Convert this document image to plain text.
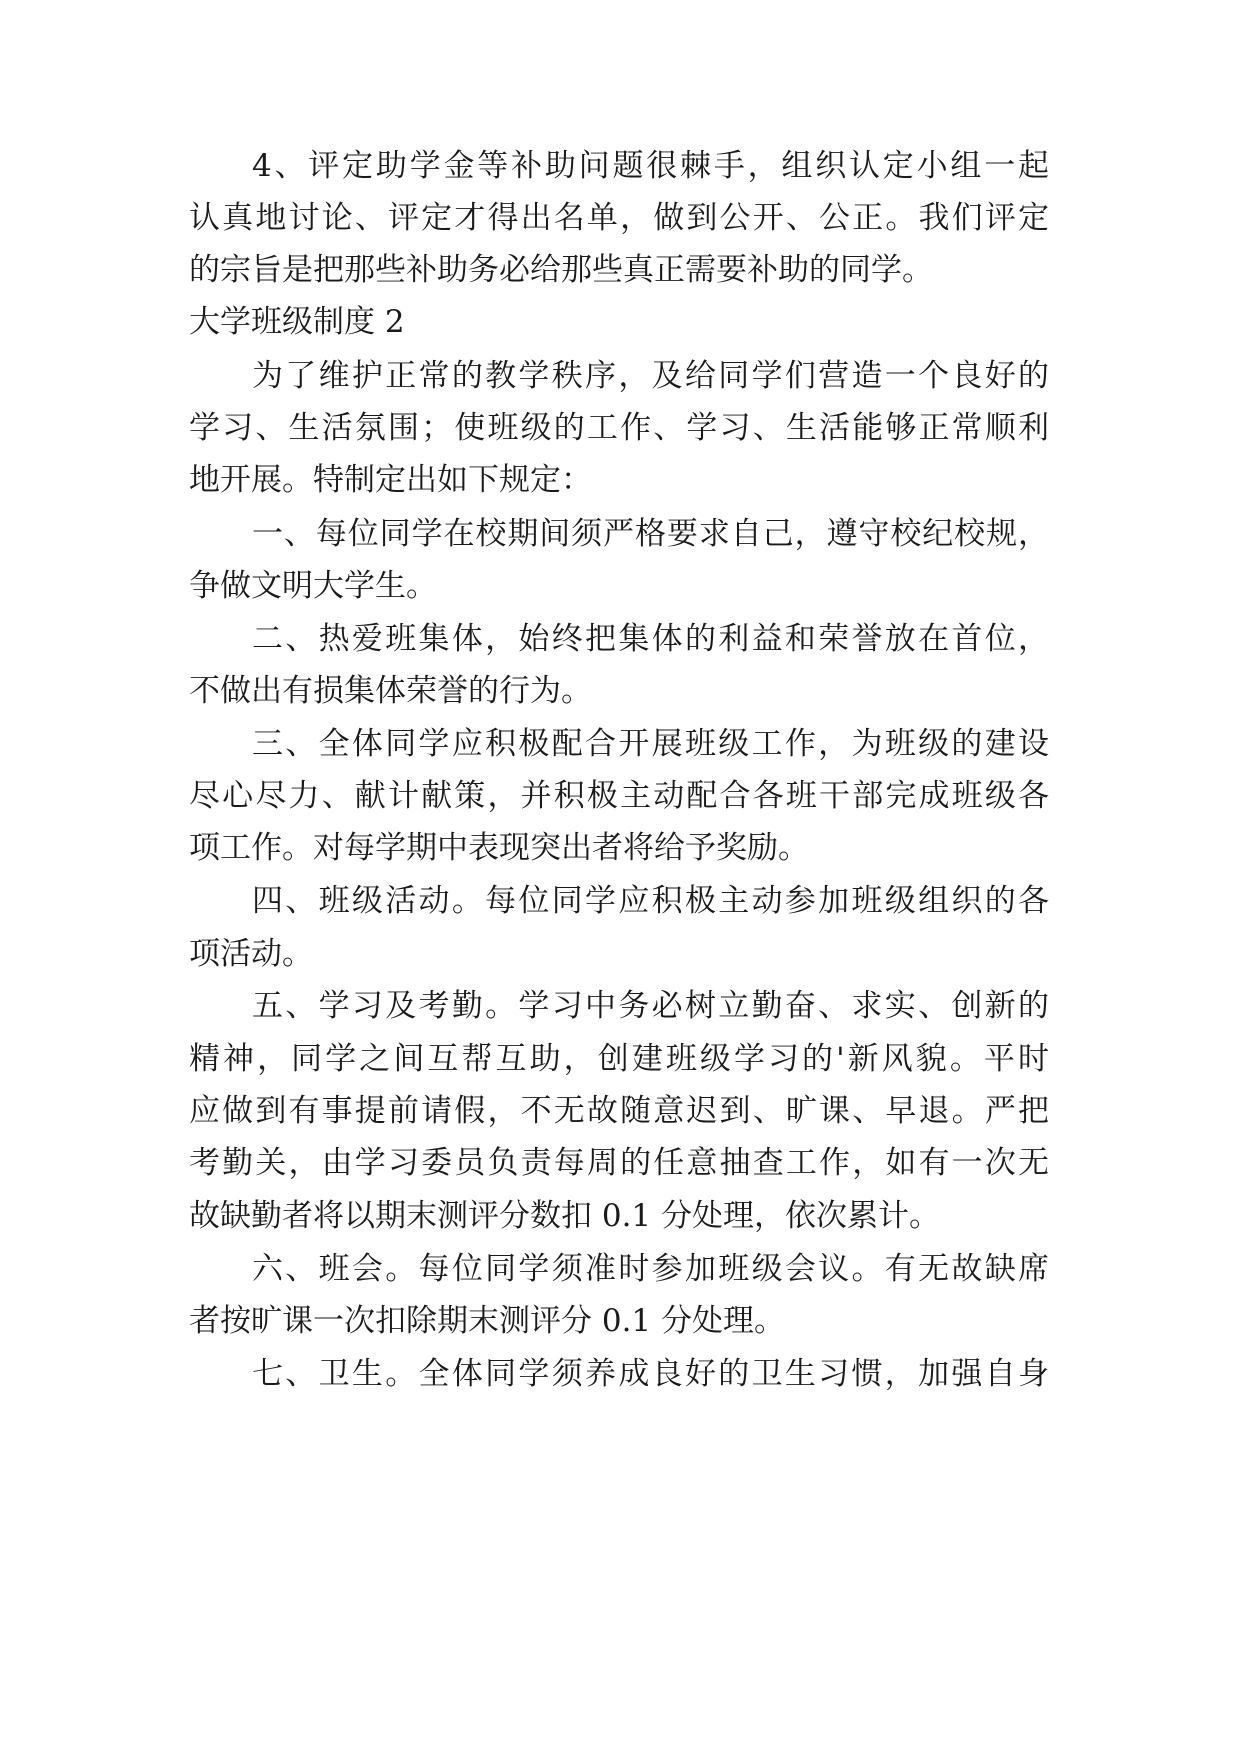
4、评定助学金等补助问题很棘手，组织认定小组一起

认真地讨论、评定才得出名单，做到公开、公正。我们评定

的宗旨是把那些补助务必给那些真正需要补助的同学。

大学班级制度 2

为了维护正常的教学秩序，及给同学们营造一个良好的

学习、生活氛围；使班级的工作、学习、生活能够正常顺利

地开展。特制定出如下规定：

一、每位同学在校期间须严格要求自己，遵守校纪校规，

争做文明大学生。

二、热爱班集体，始终把集体的利益和荣誉放在首位，

不做出有损集体荣誉的行为。

三、全体同学应积极配合开展班级工作，为班级的建设

尽心尽力、献计献策，并积极主动配合各班干部完成班级各

项工作。对每学期中表现突出者将给予奖励。

四、班级活动。每位同学应积极主动参加班级组织的各

项活动。

五、学习及考勤。学习中务必树立勤奋、求实、创新的

精神，同学之间互帮互助，创建班级学习的'新风貌。平时

应做到有事提前请假，不无故随意迟到、旷课、早退。严把

考勤关，由学习委员负责每周的任意抽查工作，如有一次无

故缺勤者将以期末测评分数扣 0.1 分处理，依次累计。

六、班会。每位同学须准时参加班级会议。有无故缺席

者按旷课一次扣除期末测评分 0.1 分处理。

七、卫生。全体同学须养成良好的卫生习惯，加强自身
